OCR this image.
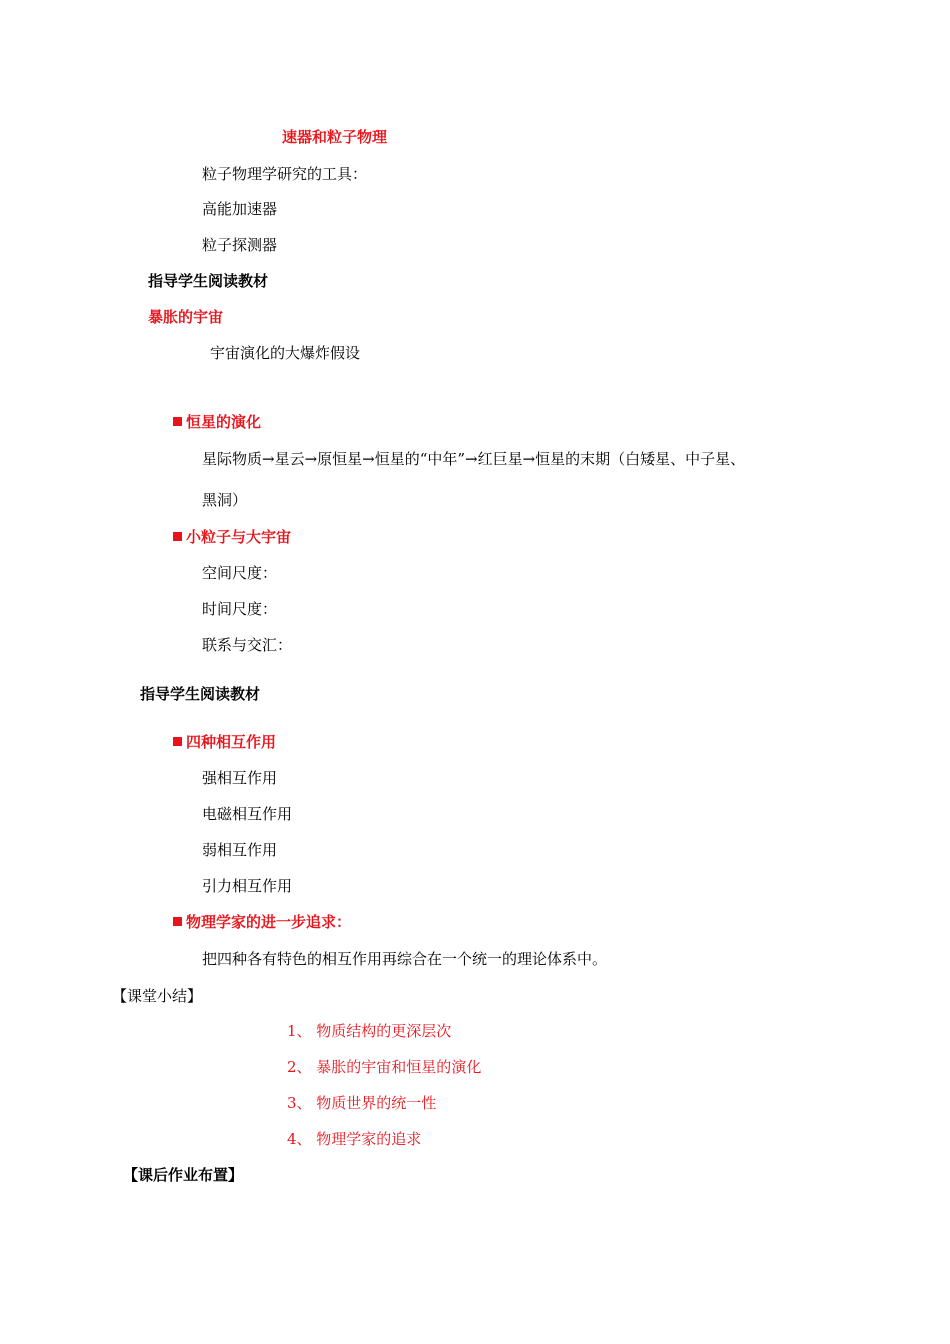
速器和粒子物理
粒子物理学研究的工具：
高能加速器
粒子探测器
指导学生阅读教材
暴胀的宇宙
宇宙演化的大爆炸假设
恒星的演化
星际物质→星云→原恒星→恒星的“中年”→红巨星→恒星的末期（白矮星、中子星、
黑洞）
小粒子与大宇宙
空间尺度：
时间尺度：
联系与交汇：
指导学生阅读教材
四种相互作用
强相互作用
电磁相互作用
弱相互作用
引力相互作用
物理学家的进一步追求：
把四种各有特色的相互作用再综合在一个统一的理论体系中。
【课堂小结】
1、 物质结构的更深层次
2、 暴胀的宇宙和恒星的演化
3、 物质世界的统一性
4、 物理学家的追求
【课后作业布置】
